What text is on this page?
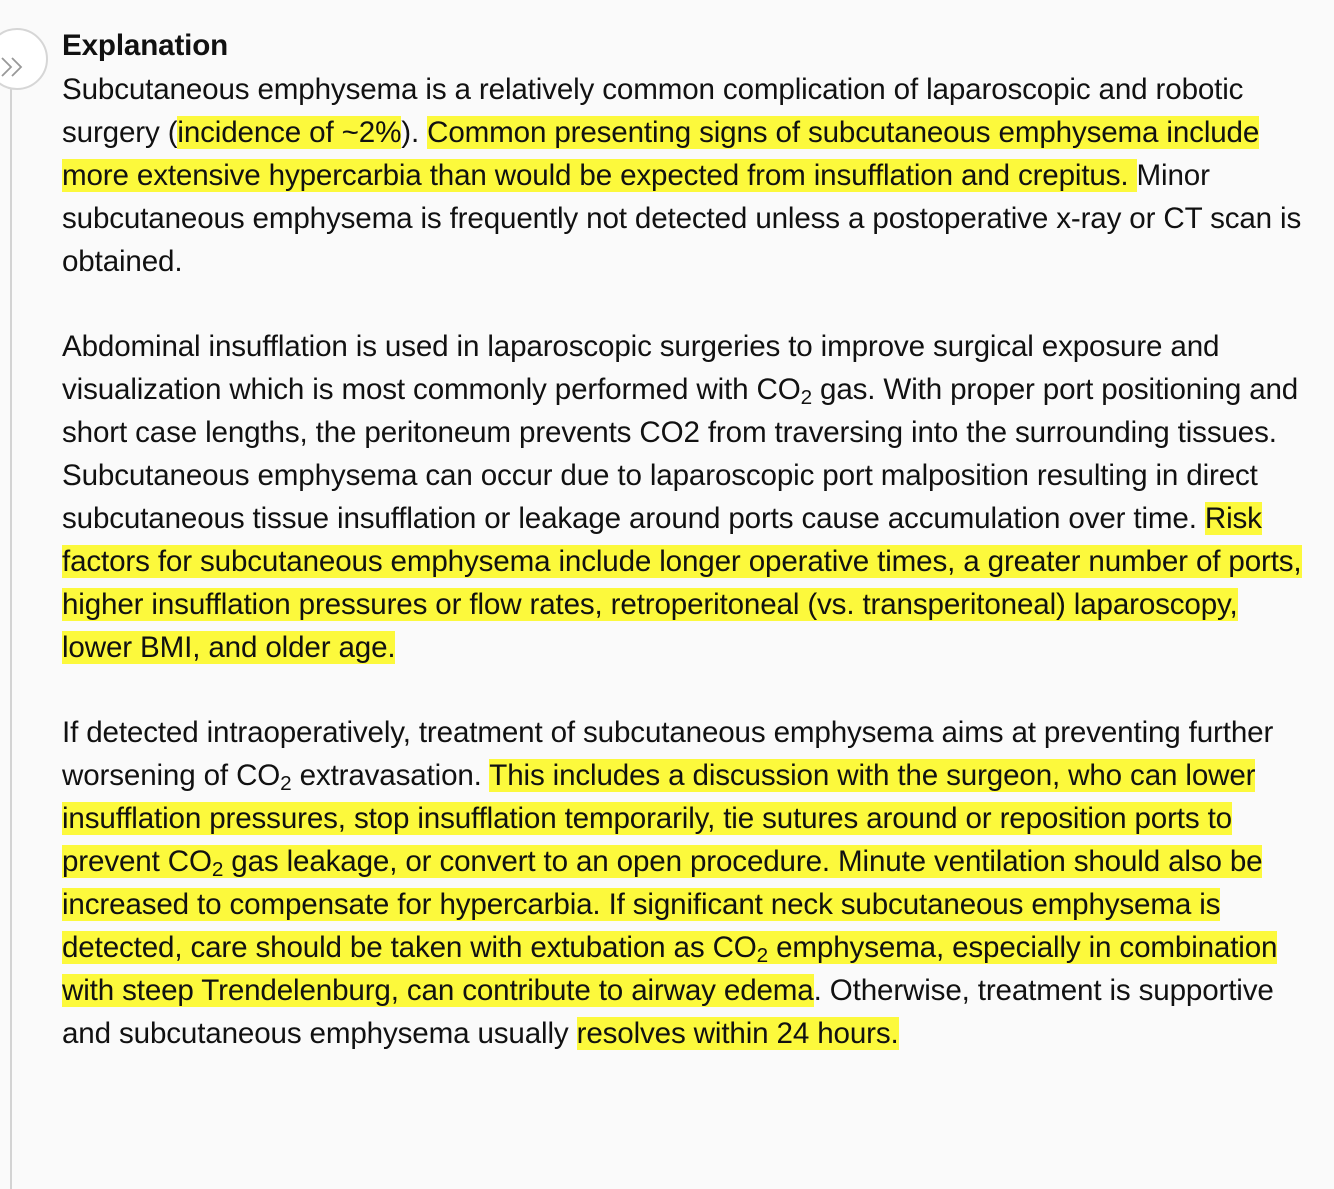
Explanation

Subcutaneous emphysema is a relatively common complication of laparoscopic and robotic surgery (incidence of ~2%). Common presenting signs of subcutaneous emphysema include more extensive hypercarbia than would be expected from insufflation and crepitus. Minor subcutaneous emphysema is frequently not detected unless a postoperative x-ray or CT scan is obtained.

Abdominal insufflation is used in laparoscopic surgeries to improve surgical exposure and visualization which is most commonly performed with $CO_2$ gas. With proper port positioning and short case lengths, the peritoneum prevents CO2 from traversing into the surrounding tissues. Subcutaneous emphysema can occur due to laparoscopic port malposition resulting in direct subcutaneous tissue insufflation or leakage around ports cause accumulation over time. Risk factors for subcutaneous emphysema include longer operative times, a greater number of ports, higher insufflation pressures or flow rates, retroperitoneal (vs. transperitoneal) laparoscopy, lower BMI, and older age.

If detected intraoperatively, treatment of subcutaneous emphysema aims at preventing further worsening of $CO_2$ extravasation. This includes a discussion with the surgeon, who can lower insufflation pressures, stop insufflation temporarily, tie sutures around or reposition ports to prevent $CO_2$ gas leakage, or convert to an open procedure. Minute ventilation should also be increased to compensate for hypercarbia. If significant neck subcutaneous emphysema is detected, care should be taken with extubation as $CO_2$ emphysema, especially in combination with steep Trendelenburg, can contribute to airway edema. Otherwise, treatment is supportive and subcutaneous emphysema usually resolves within 24 hours.
